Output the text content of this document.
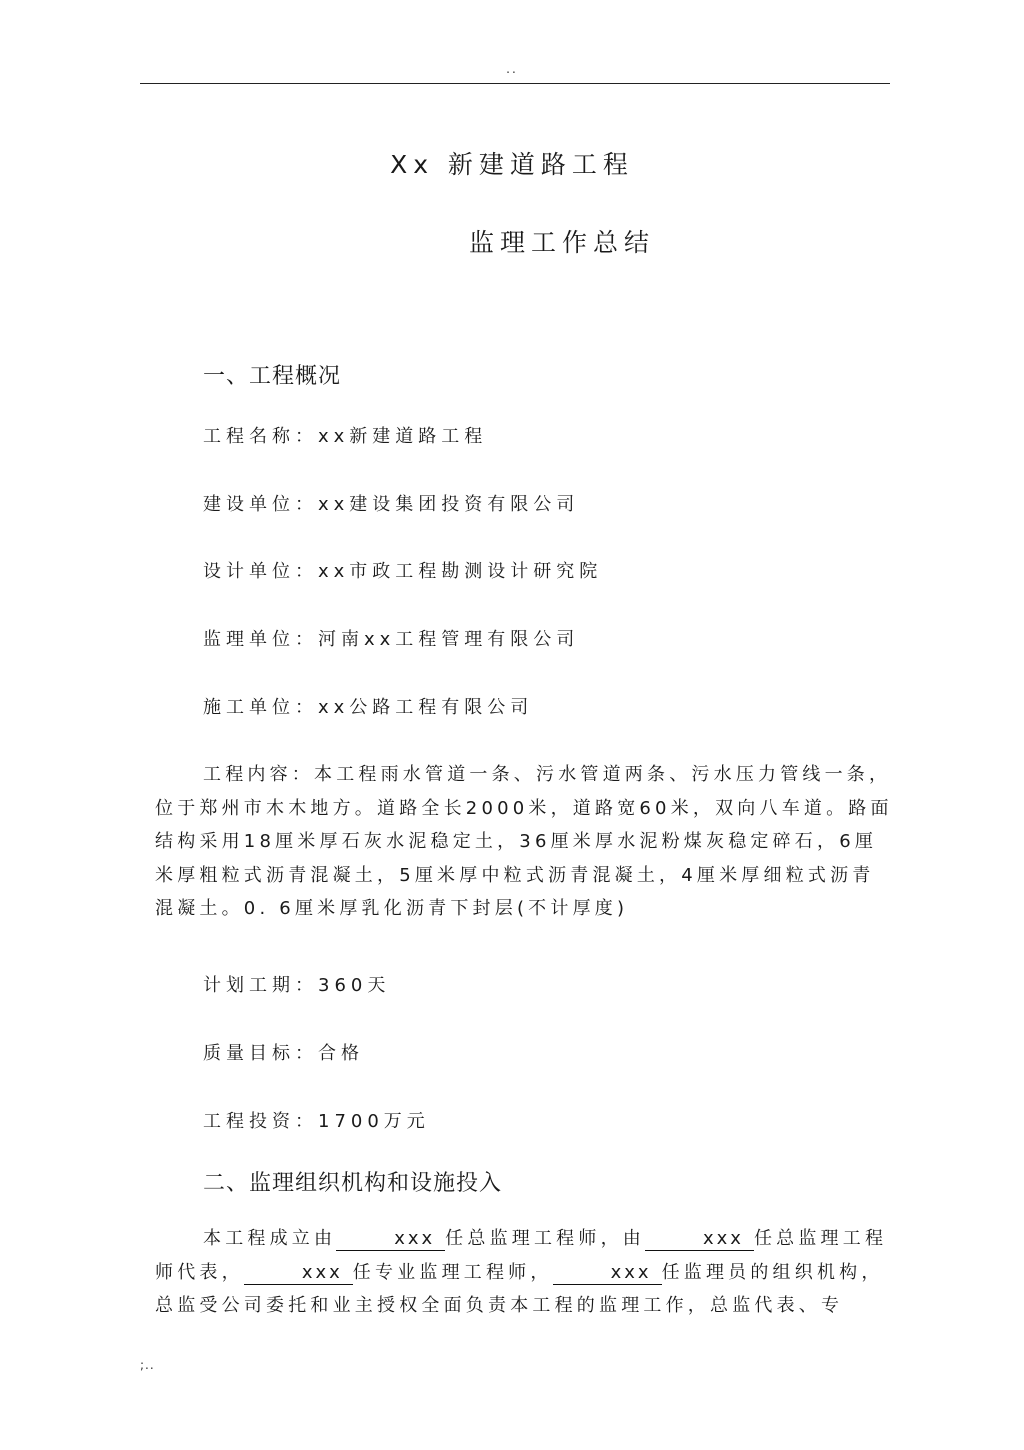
..
Xx 新建道路工程
监理工作总结
一、工程概况
工程名称：xx新建道路工程
建设单位：xx建设集团投资有限公司
设计单位：xx市政工程勘测设计研究院
监理单位：河南xx工程管理有限公司
施工单位：xx公路工程有限公司
工程内容：本工程雨水管道一条、污水管道两条、污水压力管线一条，位于郑州市木木地方。道路全长2000米，道路宽60米，双向八车道。路面结构采用18厘米厚石灰水泥稳定土，36厘米厚水泥粉煤灰稳定碎石，6厘米厚粗粒式沥青混凝土，5厘米厚中粒式沥青混凝土，4厘米厚细粒式沥青混凝土。0. 6厘米厚乳化沥青下封层(不计厚度)
计划工期：360天
质量目标：合格
工程投资：1700万元
二、监理组织机构和设施投入
本工程成立由	xxx 任总监理工程师，由	xxx 任总监理工程师代表，	xxx 任专业监理工程师，	xxx 任监理员的组织机构，总监受公司委托和业主授权全面负责本工程的监理工作，总监代表、专
;..
